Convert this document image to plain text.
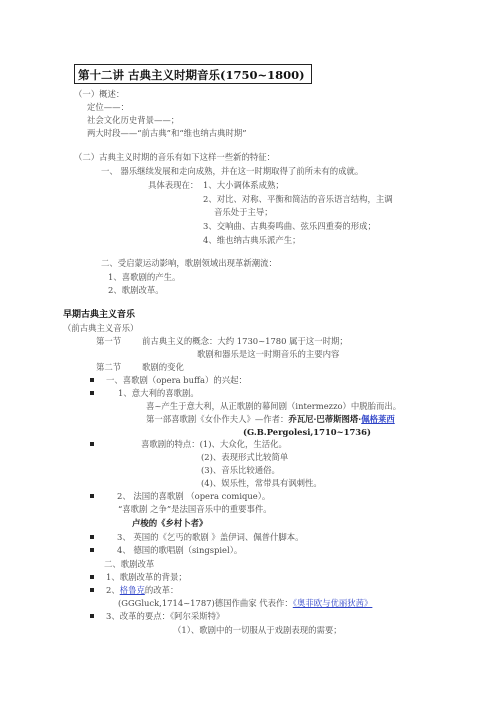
第十二讲 古典主义时期音乐(1750~1800)
（一）概述：
定位——：
社会文化历史背景——；
两大时段——“前古典”和“维也纳古典时期”
（二）古典主义时期的音乐有如下这样一些新的特征：
一、 器乐继续发展和走向成熟，并在这一时期取得了前所未有的成就。
具体表现在： 1、大小调体系成熟；
2、对比、对称、平衡和简洁的音乐语言结构，主调
音乐处于主导；
3、交响曲、古典奏鸣曲、弦乐四重奏的形成；
4、维也纳古典乐派产生；
二、受启蒙运动影响，歌剧领域出现革新潮流：
1、喜歌剧的产生。
2、歌剧改革。
早期古典主义音乐
（前古典主义音乐）
第一节 前古典主义的概念：大约 1730~1780 属于这一时期；
歌剧和器乐是这一时期音乐的主要内容
第二节 歌剧的变化
一、喜歌剧（opera buffa）的兴起：
1、意大利的喜歌剧。
喜~产生于意大利，从正歌剧的幕间剧（intermezzo）中脱胎而出。
第一部喜歌剧《女仆作夫人》—作者：乔瓦尼·巴蒂斯图塔·佩格莱西
(G.B.Pergolesi,1710~1736)
喜歌剧的特点：(1)、大众化，生活化。
(2)、表现形式比较简单
(3)、音乐比较通俗。
(4)、娱乐性，常带具有讽刺性。
2、 法国的喜歌剧 （opera comique）。
“喜歌剧 之争”是法国音乐中的重要事件。
卢梭的《乡村卜者》
3、 英国的《乞丐的歌剧 》盖伊词、佩普什脚本。
4、 德国的歌唱剧（singspiel）。
二、歌剧改革
1、歌剧改革的背景；
2、格鲁克的改革：
(GGGluck,1714~1787)德国作曲家 代表作：《奥菲欧与优丽狄茜》
3、改革的要点：《阿尔采斯特》
（1）、歌剧中的一切服从于戏剧表现的需要；
